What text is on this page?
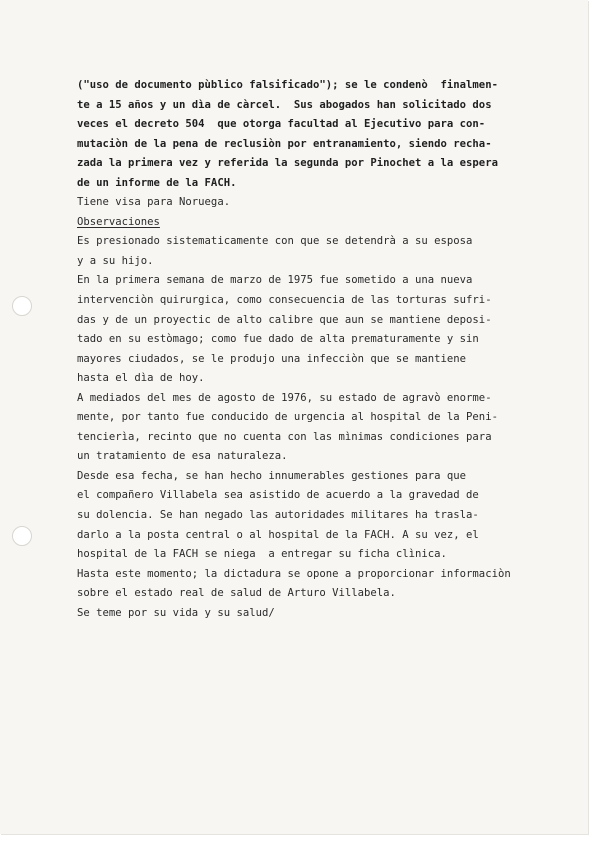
("uso de documento pùblico falsificado"); se le condenò  finalmen-
te a 15 años y un dìa de càrcel.  Sus abogados han solicitado dos
veces el decreto 504  que otorga facultad al Ejecutivo para con-
mutaciòn de la pena de reclusiòn por entranamiento, siendo recha-
zada la primera vez y referida la segunda por Pinochet a la espera
de un informe de la FACH.
Tiene visa para Noruega.
Observaciones
Es presionado sistematicamente con que se detendrà a su esposa
y a su hijo.
En la primera semana de marzo de 1975 fue sometido a una nueva
intervenciòn quirurgica, como consecuencia de las torturas sufri-
das y de un proyectic de alto calibre que aun se mantiene deposi-
tado en su estòmago; como fue dado de alta prematuramente y sin
mayores ciudados, se le produjo una infecciòn que se mantiene
hasta el dìa de hoy.
A mediados del mes de agosto de 1976, su estado de agravò enorme-
mente, por tanto fue conducido de urgencia al hospital de la Peni-
tencierìa, recinto que no cuenta con las mìnimas condiciones para
un tratamiento de esa naturaleza.
Desde esa fecha, se han hecho innumerables gestiones para que
el compañero Villabela sea asistido de acuerdo a la gravedad de
su dolencia. Se han negado las autoridades militares ha trasla-
darlo a la posta central o al hospital de la FACH. A su vez, el
hospital de la FACH se niega  a entregar su ficha clìnica.
Hasta este momento; la dictadura se opone a proporcionar informaciòn
sobre el estado real de salud de Arturo Villabela.
Se teme por su vida y su salud/
